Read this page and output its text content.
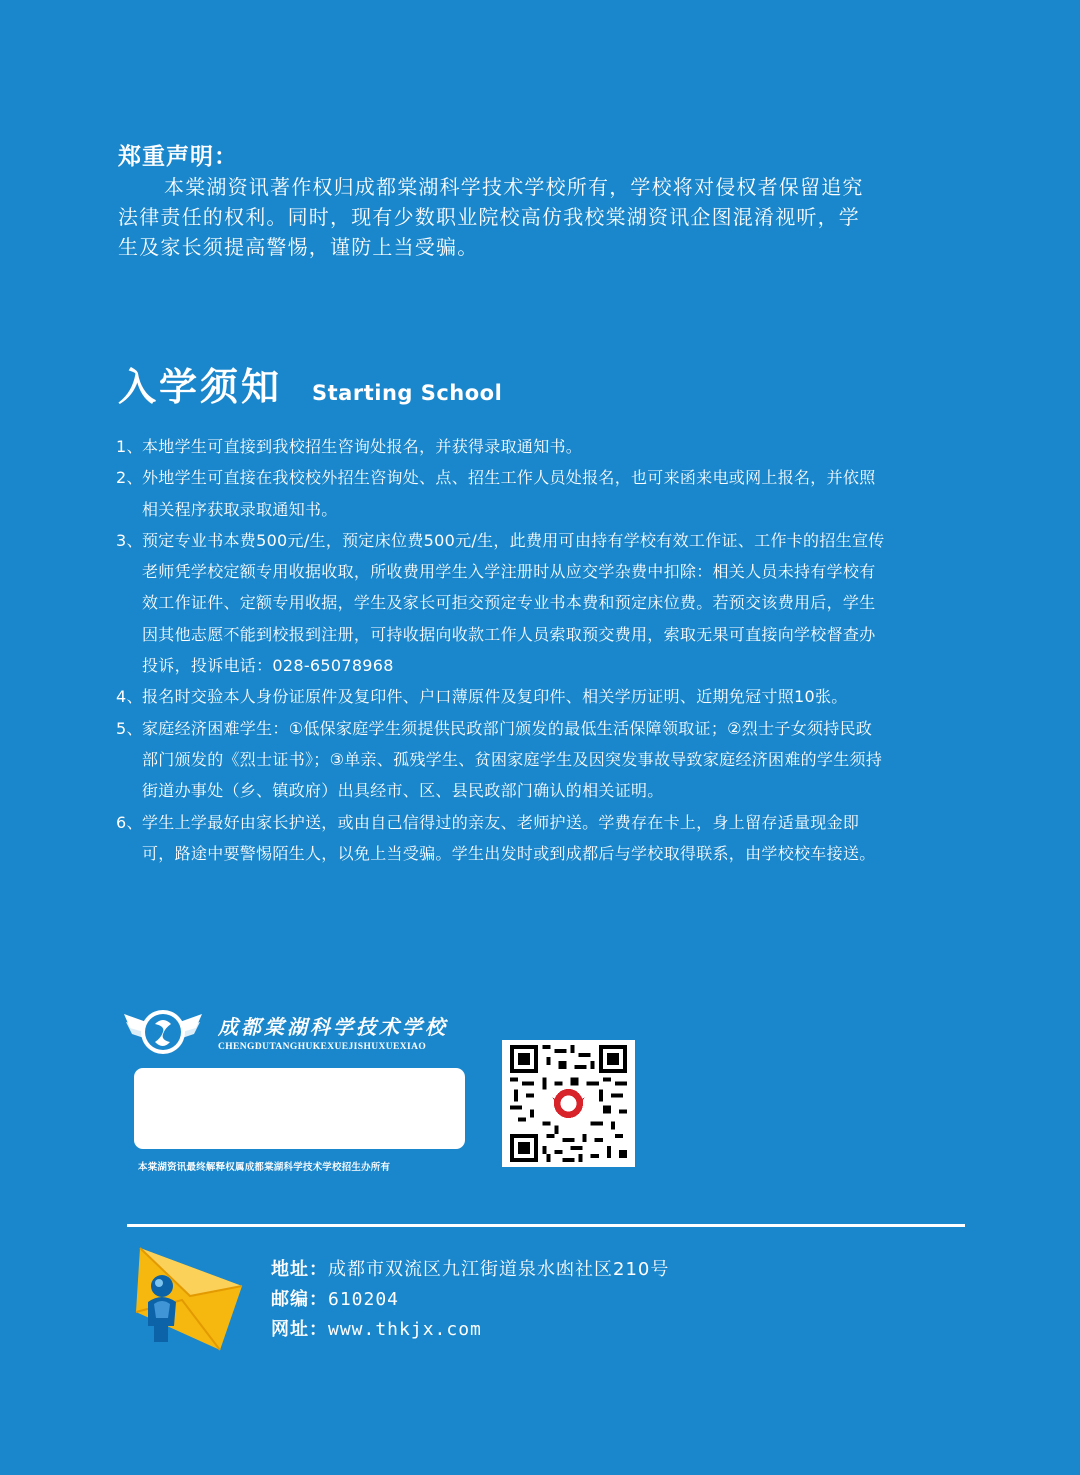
郑重声明：

本棠湖资讯著作权归成都棠湖科学技术学校所有，学校将对侵权者保留追究法律责任的权利。同时，现有少数职业院校高仿我校棠湖资讯企图混淆视听，学生及家长须提高警惕，谨防上当受骗。

入学须知 Starting School
1、 本地学生可直接到我校招生咨询处报名，并获得录取通知书。
2、 外地学生可直接在我校校外招生咨询处、点、招生工作人员处报名，也可来函来电或网上报名，并依照相关程序获取录取通知书。
3、 预定专业书本费500元/生，预定床位费500元/生，此费用可由持有学校有效工作证、工作卡的招生宣传老师凭学校定额专用收据收取，所收费用学生入学注册时从应交学杂费中扣除：相关人员未持有学校有效工作证件、定额专用收据，学生及家长可拒交预定专业书本费和预定床位费。若预交该费用后，学生因其他志愿不能到校报到注册，可持收据向收款工作人员索取预交费用，索取无果可直接向学校督查办投诉，投诉电话：028-65078968
4、 报名时交验本人身份证原件及复印件、户口薄原件及复印件、相关学历证明、近期免冠寸照10张。
5、 家庭经济困难学生：①低保家庭学生须提供民政部门颁发的最低生活保障领取证；②烈士子女须持民政部门颁发的《烈士证书》；③单亲、孤残学生、贫困家庭学生及因突发事故导致家庭经济困难的学生须持街道办事处（乡、镇政府）出具经市、区、县民政部门确认的相关证明。
6、 学生上学最好由家长护送，或由自己信得过的亲友、老师护送。学费存在卡上，身上留存适量现金即可，路途中要警惕陌生人，以免上当受骗。学生出发时或到成都后与学校取得联系，由学校校车接送。
成都棠湖科学技术学校
CHENGDUTANGHUKEXUEJISHUXUEXIAO
本棠湖资讯最终解释权属成都棠湖科学技术学校招生办所有
地址： 成都市双流区九江街道泉水凼社区210号
邮编： 610204
网址： www.thkjx.com
